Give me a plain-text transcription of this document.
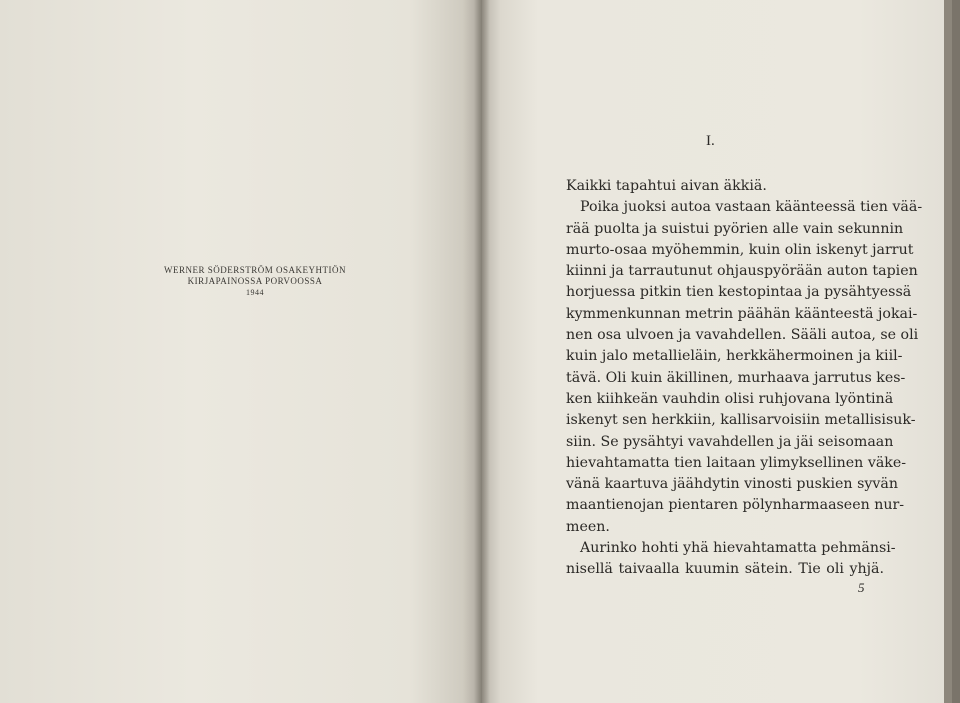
WERNER SÖDERSTRÖM OSAKEYHTIÖN
KIRJAPAINOSSA PORVOOSSA
1944
I.
Kaikki tapahtui aivan äkkiä.
Poika juoksi autoa vastaan käänteessä tien vää-
rää puolta ja suistui pyörien alle vain sekunnin
murto-osaa myöhemmin, kuin olin iskenyt jarrut
kiinni ja tarrautunut ohjauspyörään auton tapien
horjuessa pitkin tien kestopintaa ja pysähtyessä
kymmenkunnan metrin päähän käänteestä jokai-
nen osa ulvoen ja vavahdellen. Sääli autoa, se oli
kuin jalo metallieläin, herkkähermoinen ja kiil-
tävä. Oli kuin äkillinen, murhaava jarrutus kes-
ken kiihkeän vauhdin olisi ruhjovana lyöntinä
iskenyt sen herkkiin, kallisarvoisiin metallisisuk-
siin. Se pysähtyi vavahdellen ja jäi seisomaan
hievahtamatta tien laitaan ylimyksellinen väke-
vänä kaartuva jäähdytin vinosti puskien syvän
maantienojan pientaren pölynharmaaseen nur-
meen.
Aurinko hohti yhä hievahtamatta pehmänsi-
nisellä taivaalla kuumin sätein. Tie oli yhjä.
5
